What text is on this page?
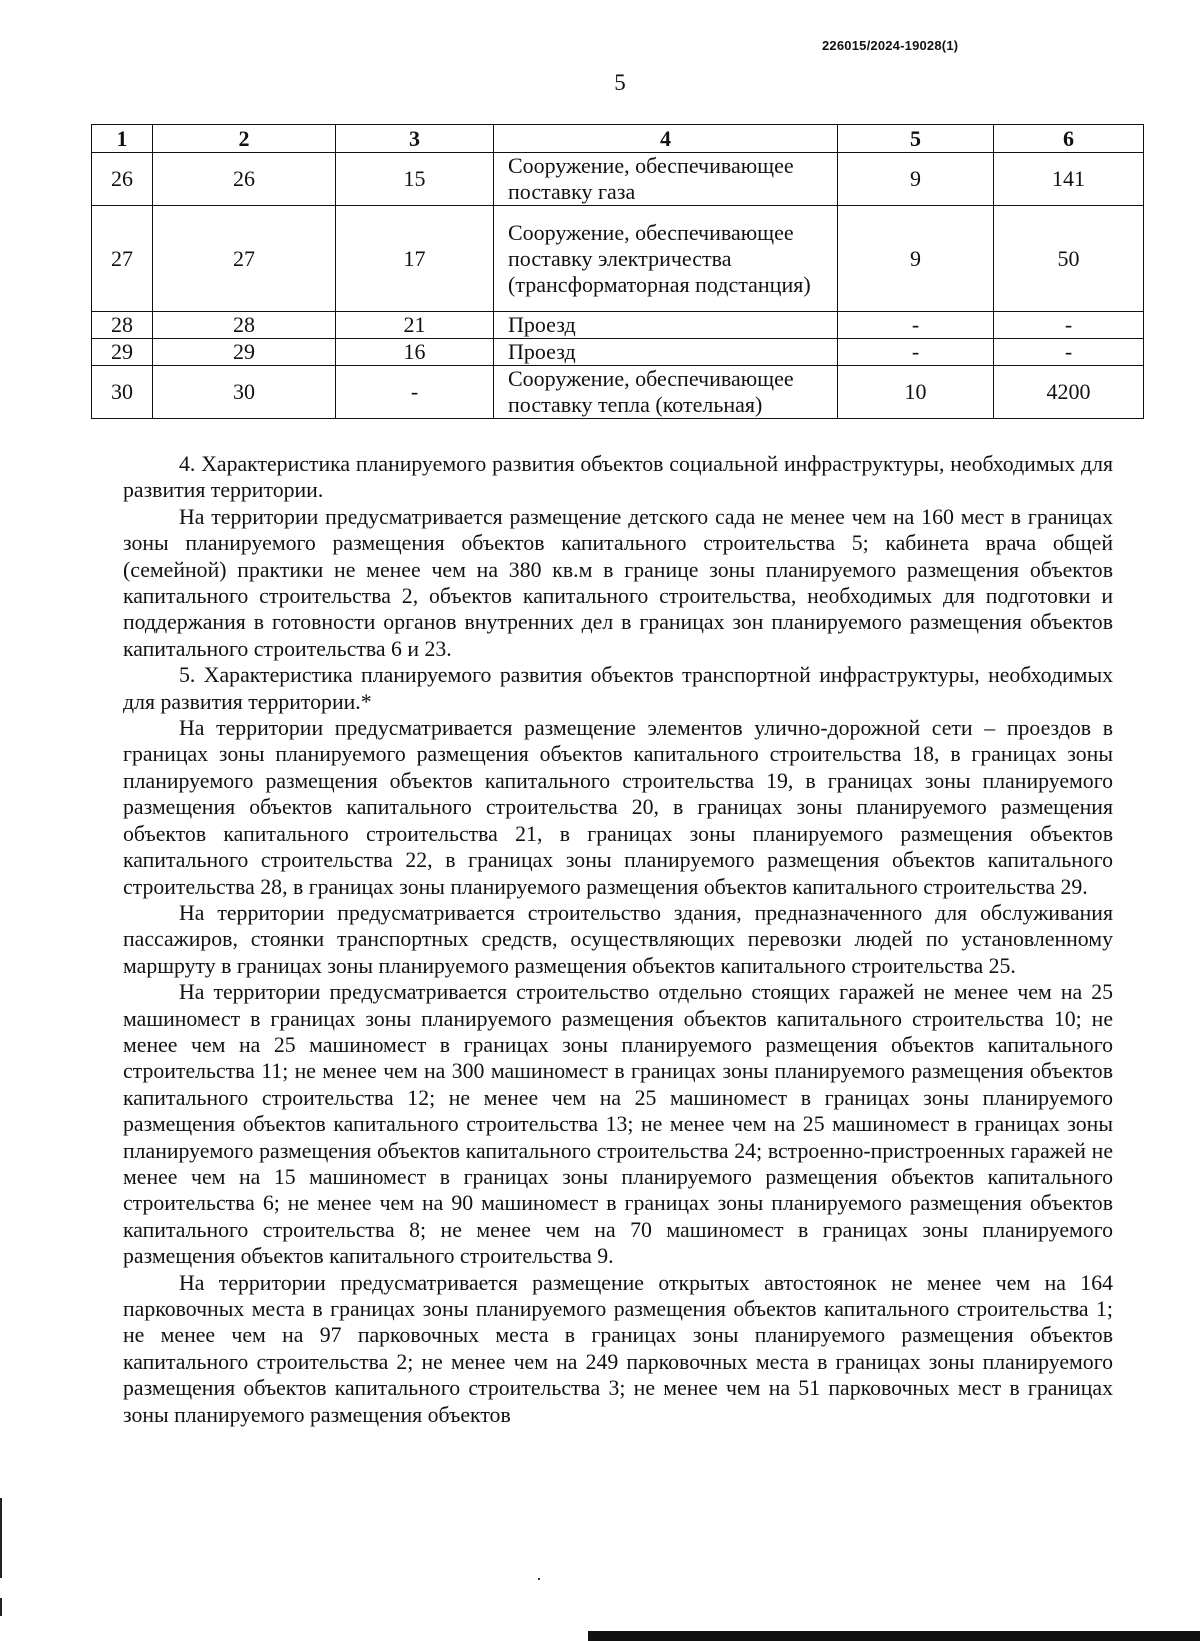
226015/2024-19028(1)
5
1	2	3	4	5	6
26	26	15	Сооружение, обеспечивающее поставку газа	9	141
27	27	17	Сооружение, обеспечивающее поставку электричества (трансформаторная подстанция)	9	50
28	28	21	Проезд	-	-
29	29	16	Проезд	-	-
30	30	-	Сооружение, обеспечивающее поставку тепла (котельная)	10	4200

4. Характеристика планируемого развития объектов социальной инфраструктуры, необходимых для развития территории.

На территории предусматривается размещение детского сада не менее чем на 160 мест в границах зоны планируемого размещения объектов капитального строительства 5; кабинета врача общей (семейной) практики не менее чем на 380 кв.м в границе зоны планируемого размещения объектов капитального строительства 2, объектов капитального строительства, необходимых для подготовки и поддержания в готовности органов внутренних дел в границах зон планируемого размещения объектов капитального строительства 6 и 23.

5. Характеристика планируемого развития объектов транспортной инфраструктуры, необходимых для развития территории.*

На территории предусматривается размещение элементов улично-дорожной сети – проездов в границах зоны планируемого размещения объектов капитального строительства 18, в границах зоны планируемого размещения объектов капитального строительства 19, в границах зоны планируемого размещения объектов капитального строительства 20, в границах зоны планируемого размещения объектов капитального строительства 21, в границах зоны планируемого размещения объектов капитального строительства 22, в границах зоны планируемого размещения объектов капитального строительства 28, в границах зоны планируемого размещения объектов капитального строительства 29.

На территории предусматривается строительство здания, предназначенного для обслуживания пассажиров, стоянки транспортных средств, осуществляющих перевозки людей по установленному маршруту в границах зоны планируемого размещения объектов капитального строительства 25.

На территории предусматривается строительство отдельно стоящих гаражей не менее чем на 25 машиномест в границах зоны планируемого размещения объектов капитального строительства 10; не менее чем на 25 машиномест в границах зоны планируемого размещения объектов капитального строительства 11; не менее чем на 300 машиномест в границах зоны планируемого размещения объектов капитального строительства 12; не менее чем на 25 машиномест в границах зоны планируемого размещения объектов капитального строительства 13; не менее чем на 25 машиномест в границах зоны планируемого размещения объектов капитального строительства 24; встроенно-пристроенных гаражей не менее чем на 15 машиномест в границах зоны планируемого размещения объектов капитального строительства 6; не менее чем на 90 машиномест в границах зоны планируемого размещения объектов капитального строительства 8; не менее чем на 70 машиномест в границах зоны планируемого размещения объектов капитального строительства 9.

На территории предусматривается размещение открытых автостоянок не менее чем на 164 парковочных места в границах зоны планируемого размещения объектов капитального строительства 1; не менее чем на 97 парковочных места в границах зоны планируемого размещения объектов капитального строительства 2; не менее чем на 249 парковочных места в границах зоны планируемого размещения объектов капитального строительства 3; не менее чем на 51 парковочных мест в границах зоны планируемого размещения объектов
